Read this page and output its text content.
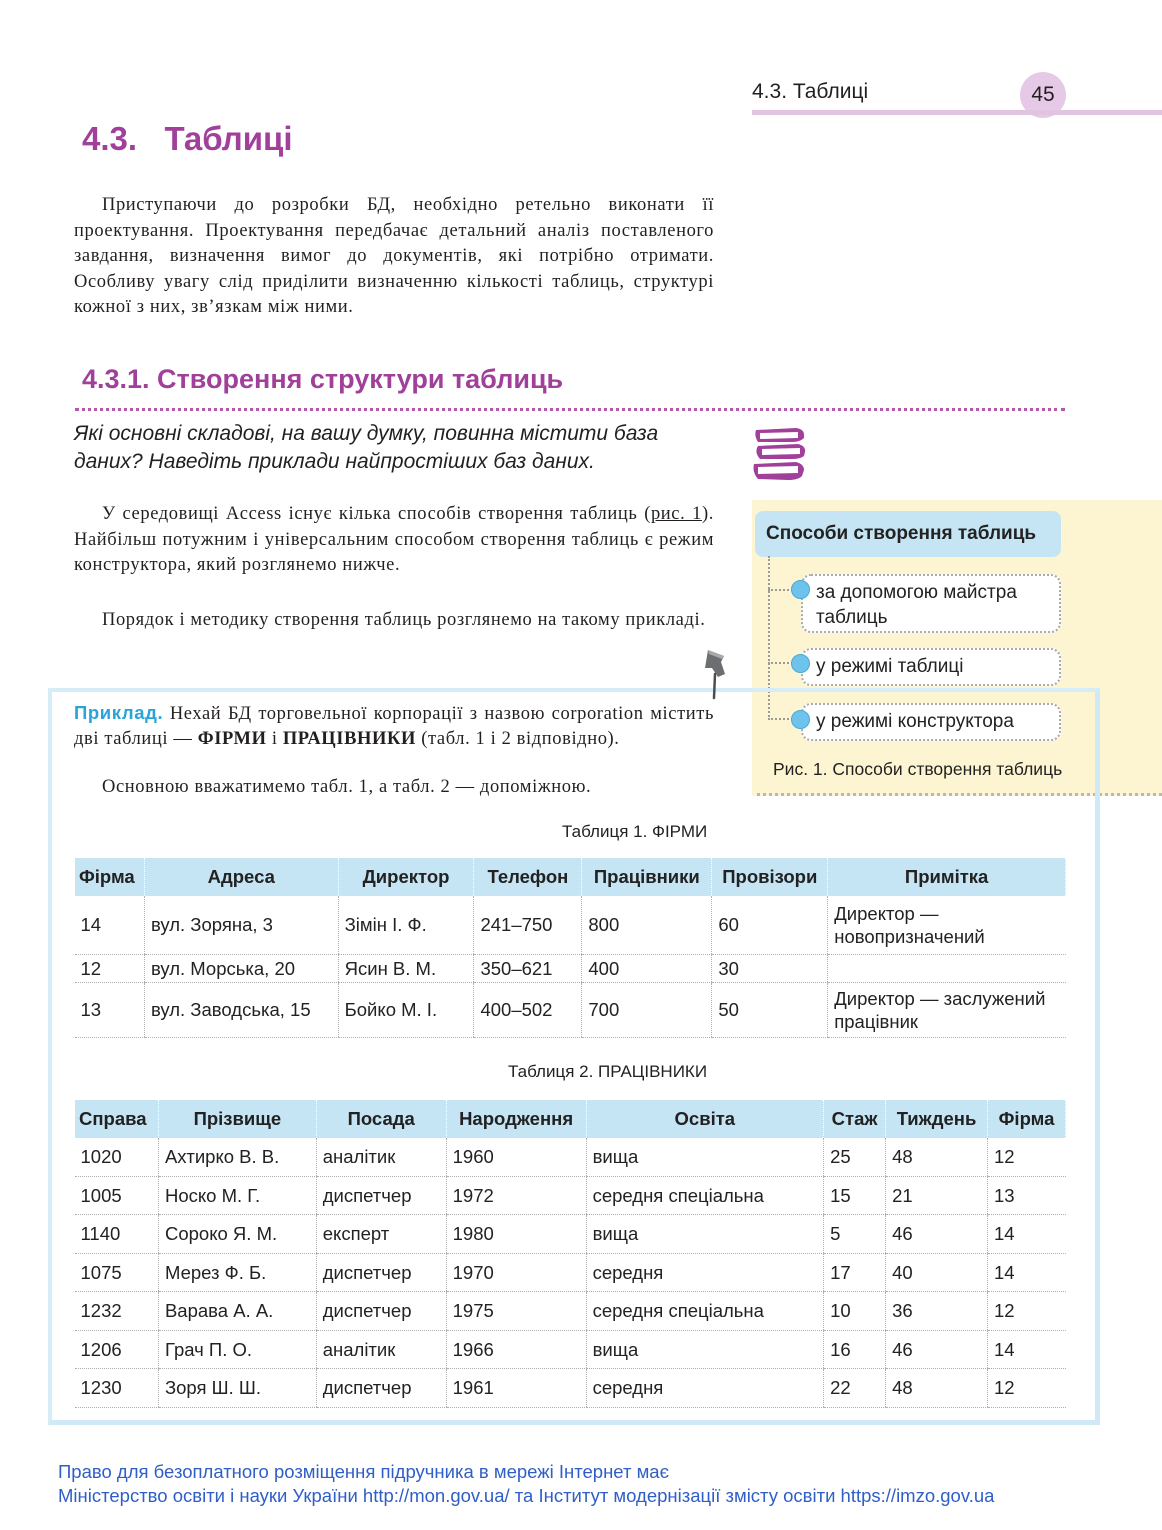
4.3. Таблиці	45
4.3.   Таблиці
Приступаючи до розробки БД, необхідно ретельно виконати її проектування. Проектування передбачає детальний аналіз поставленого завдання, визначення вимог до документів, які потрібно отримати. Особливу увагу слід приділити визначенню кількості таблиць, структурі кожної з них, зв’язкам між ними.
4.3.1. Створення структури таблиць
Які основні складові, на вашу думку, повинна містити база даних? Наведіть приклади найпростіших баз даних.
У середовищі Access існує кілька способів створення таблиць (рис. 1). Найбільш потужним і універсальним способом створення таблиць є режим конструктора, який розглянемо нижче.
Порядок і методику створення таблиць розглянемо на такому прикладі.
Способи створення таблиць
за допомогою майстра таблиць
у режимі таблиці
у режимі конструктора
Рис. 1. Способи створення таблиць
Приклад. Нехай БД торговельної корпорації з назвою corporation містить дві таблиці — ФІРМИ і ПРАЦІВНИКИ (табл. 1 і 2 відповідно).
Основною вважатимемо табл. 1, а табл. 2 — допоміжною.
Таблиця 1. ФІРМИ
Фірма	Адреса	Директор	Телефон	Працівники	Провізори	Примітка
14	вул. Зоряна, 3	Зімін І. Ф.	241–750	800	60	Директор — новопризначений
12	вул. Морська, 20	Ясин В. М.	350–621	400	30	
13	вул. Заводська, 15	Бойко М. І.	400–502	700	50	Директор — заслужений працівник
Таблиця 2. ПРАЦІВНИКИ
Справа	Прізвище	Посада	Народження	Освіта	Стаж	Тиждень	Фірма
1020	Ахтирко В. В.	аналітик	1960	вища	25	48	12
1005	Носко М. Г.	диспетчер	1972	середня спеціальна	15	21	13
1140	Сороко Я. М.	експерт	1980	вища	5	46	14
1075	Мерез Ф. Б.	диспетчер	1970	середня	17	40	14
1232	Варава А. А.	диспетчер	1975	середня спеціальна	10	36	12
1206	Грач П. О.	аналітик	1966	вища	16	46	14
1230	Зоря Ш. Ш.	диспетчер	1961	середня	22	48	12
Право для безоплатного розміщення підручника в мережі Інтернет має
Міністерство освіти і науки України http://mon.gov.ua/ та Інститут модернізації змісту освіти https://imzo.gov.ua
